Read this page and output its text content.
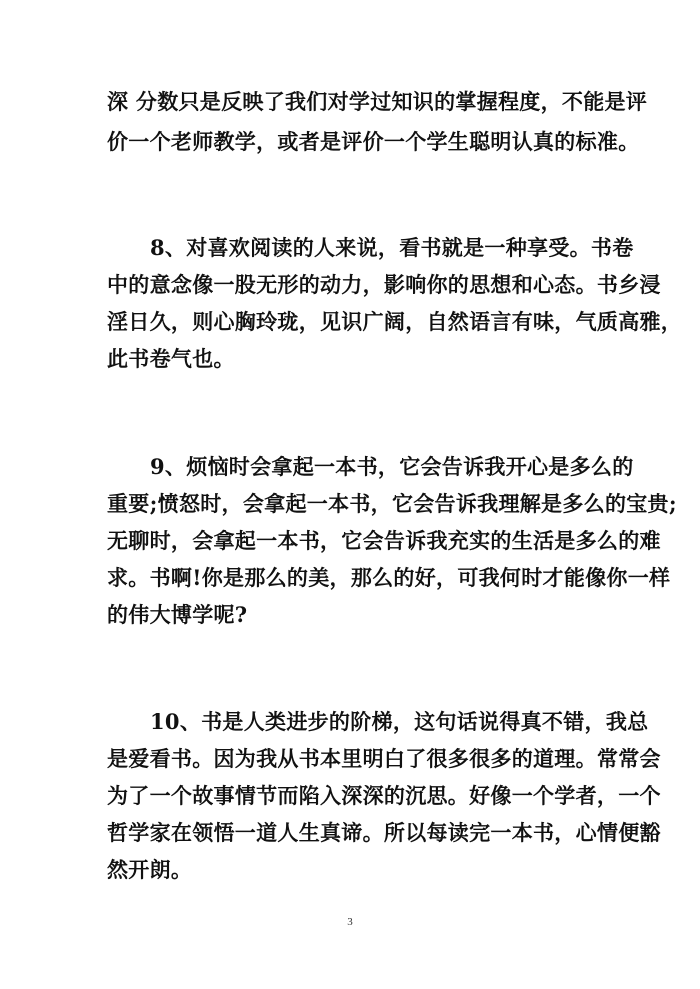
深 分数只是反映了我们对学过知识的掌握程度，不能是评
价一个老师教学，或者是评价一个学生聪明认真的标准。
8、对喜欢阅读的人来说，看书就是一种享受。书卷
中的意念像一股无形的动力，影响你的思想和心态。书乡浸
淫日久，则心胸玲珑，见识广阔，自然语言有味，气质高雅，
此书卷气也。
9、烦恼时会拿起一本书，它会告诉我开心是多么的
重要;愤怒时，会拿起一本书，它会告诉我理解是多么的宝贵;
无聊时，会拿起一本书，它会告诉我充实的生活是多么的难
求。书啊!你是那么的美，那么的好，可我何时才能像你一样
的伟大博学呢?
10、书是人类进步的阶梯，这句话说得真不错，我总
是爱看书。因为我从书本里明白了很多很多的道理。常常会
为了一个故事情节而陷入深深的沉思。好像一个学者，一个
哲学家在领悟一道人生真谛。所以每读完一本书，心情便豁
然开朗。
3
